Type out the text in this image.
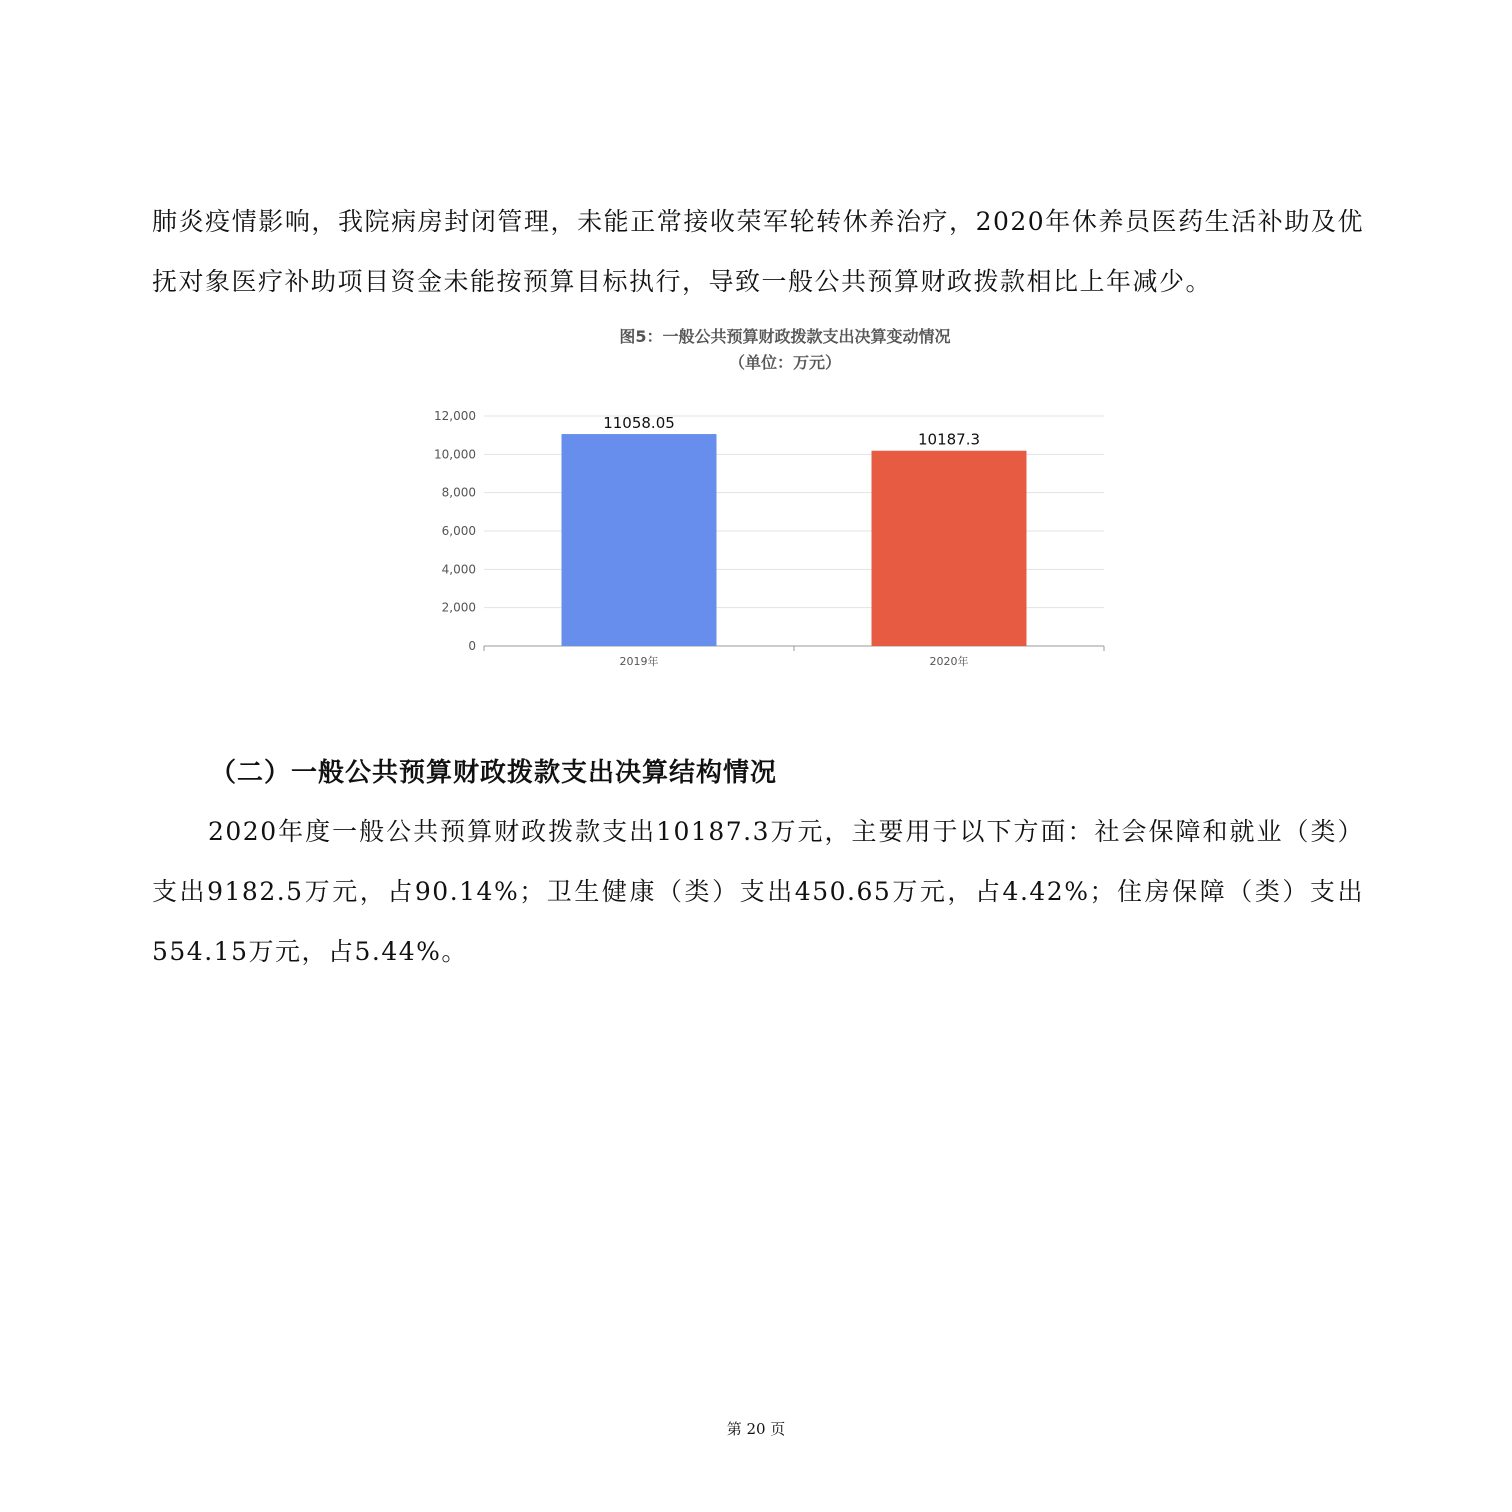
肺炎疫情影响，我院病房封闭管理，未能正常接收荣军轮转休养治疗，2020年休养员医药生活补助及优抚对象医疗补助项目资金未能按预算目标执行，导致一般公共预算财政拨款相比上年减少。

图5：一般公共预算财政拨款支出决算变动情况
（单位：万元）
0
2,000
4,000
6,000
8,000
10,000
12,000	11058.05
2019年
10187.3
2020年

（二）一般公共预算财政拨款支出决算结构情况

2020年度一般公共预算财政拨款支出10187.3万元，主要用于以下方面：社会保障和就业（类）支出9182.5万元，占90.14%；卫生健康（类）支出450.65万元，占4.42%；住房保障（类）支出554.15万元，占5.44%。

第 20 页
